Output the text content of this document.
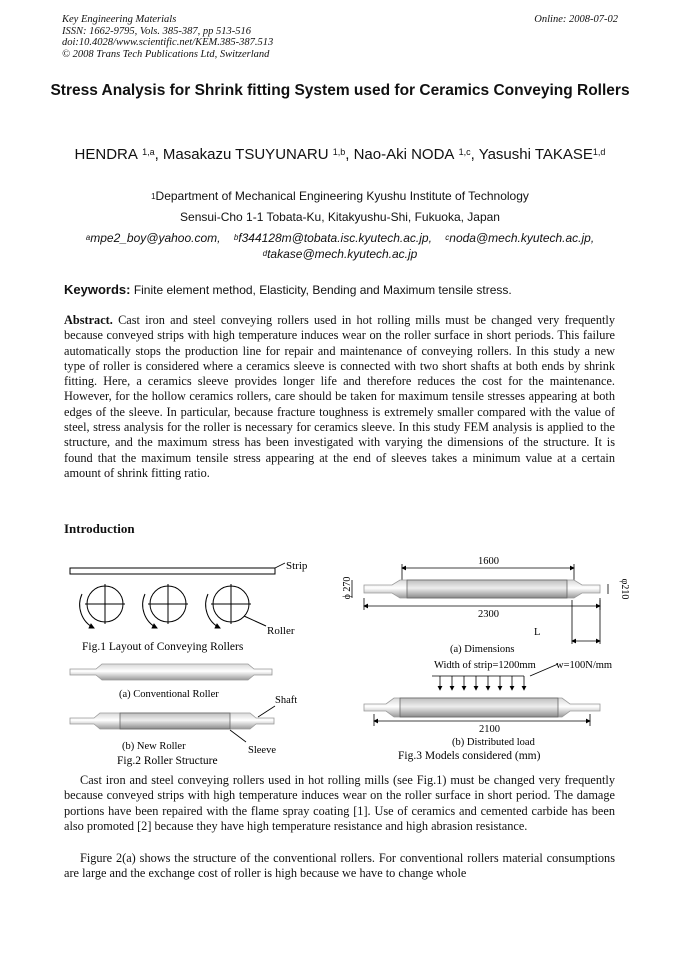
Key Engineering Materials
ISSN: 1662-9795, Vols. 385-387, pp 513-516
doi:10.4028/www.scientific.net/KEM.385-387.513
© 2008 Trans Tech Publications Ltd, Switzerland
Online: 2008-07-02
Stress Analysis for Shrink fitting System used for Ceramics Conveying Rollers
HENDRA $^{1,a}$, Masakazu TSUYUNARU $^{1,b}$, Nao-Aki NODA $^{1,c}$, Yasushi TAKASE$^{1,d}$
$^1$Department of Mechanical Engineering Kyushu Institute of Technology
Sensui-Cho 1-1 Tobata-Ku, Kitakyushu-Shi, Fukuoka, Japan
$^a$mpe2_boy@yahoo.com, $^b$f344128m@tobata.isc.kyutech.ac.jp, $^c$noda@mech.kyutech.ac.jp,
$^d$takase@mech.kyutech.ac.jp
Keywords: Finite element method, Elasticity, Bending and Maximum tensile stress.

Abstract. Cast iron and steel conveying rollers used in hot rolling mills must be changed very frequently because conveyed strips with high temperature induces wear on the roller surface in short periods. This failure automatically stops the production line for repair and maintenance of conveying rollers. In this study a new type of roller is considered where a ceramics sleeve is connected with two short shafts at both ends by shrink fitting. Here, a ceramics sleeve provides longer life and therefore reduces the cost for the maintenance. However, for the hollow ceramics rollers, care should be taken for maximum tensile stresses appearing at both edges of the sleeve. In particular, because fracture toughness is extremely smaller compared with the value of steel, stress analysis for the roller is necessary for ceramics sleeve. In this study FEM analysis is applied to the structure, and the maximum stress has been investigated with varying the dimensions of the structure. It is found that the maximum tensile stress appearing at the end of sleeves takes a minimum value at a certain amount of shrink fitting ratio.

Introduction
Strip
Roller
Fig.1 Layout of Conveying Rollers
(a) Conventional Roller
Shaft
Sleeve
(b) New Roller
Fig.2 Roller Structure
1600
ϕ 270	φ210
2300
L
(a) Dimensions
Width of strip=1200mm w=100N/mm
2100
(b) Distributed load
Fig.3 Models considered (mm)

Cast iron and steel conveying rollers used in hot rolling mills (see Fig.1) must be changed very frequently because conveyed strips with high temperature induces wear on the roller surface in short period. The damage portions have been repaired with the flame spray coating [1]. Use of ceramics and cemented carbide has been also promoted [2] because they have high temperature resistance and high abrasion resistance.

Figure 2(a) shows the structure of the conventional rollers. For conventional rollers material consumptions are large and the exchange cost of roller is high because we have to change whole
